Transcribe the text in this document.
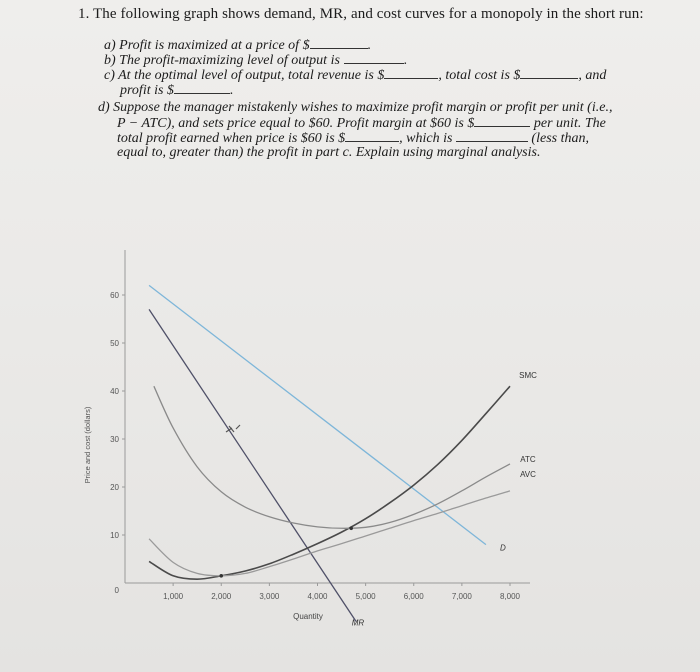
1. The following graph shows demand, MR, and cost curves for a monopoly in the short run:
a) Profit is maximized at a price of $	.
b) The profit-maximizing level of output is	.
c) At the optimal level of output, total revenue is $	, total cost is $	, and
profit is $	.
d) Suppose the manager mistakenly wishes to maximize profit margin or profit per unit (i.e.,
P − ATC), and sets price equal to $60. Profit margin at $60 is $	per unit. The
total profit earned when price is $60 is $	, which is	(less than,
equal to, greater than) the profit in part c. Explain using marginal analysis.
0
10
20
30
40
50
60
1,000	2,000	3,000	4,000	5,000	6,000	7,000	8,000
D
MR
SMC
ATC
AVC
Price and cost (dollars)
Quantity
